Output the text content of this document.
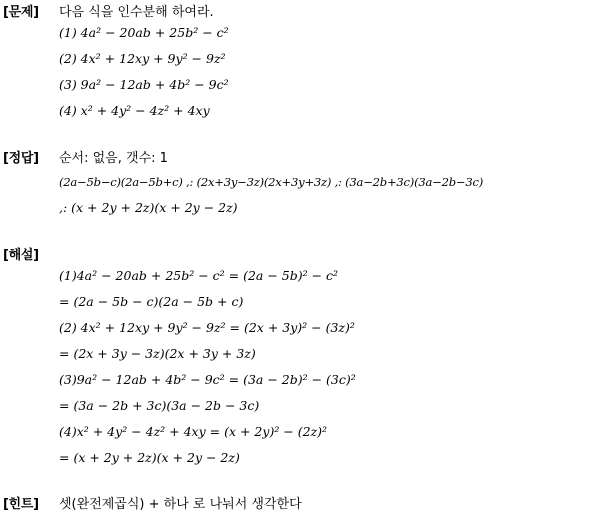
[문제] 다음 식을 인수분해 하여라.
(1) 4a² − 20ab + 25b² − c²
(2) 4x² + 12xy + 9y² − 9z²
(3) 9a² − 12ab + 4b² − 9c²
(4) x² + 4y² − 4z² + 4xy
[정답] 순서: 없음, 갯수: 1
(2a−5b−c)(2a−5b+c) ,: (2x+3y−3z)(2x+3y+3z) ,: (3a−2b+3c)(3a−2b−3c)
,: (x + 2y + 2z)(x + 2y − 2z)
[해설]
(1)4a² − 20ab + 25b² − c² = (2a − 5b)² − c²
= (2a − 5b − c)(2a − 5b + c)
(2) 4x² + 12xy + 9y² − 9z² = (2x + 3y)² − (3z)²
= (2x + 3y − 3z)(2x + 3y + 3z)
(3)9a² − 12ab + 4b² − 9c² = (3a − 2b)² − (3c)²
= (3a − 2b + 3c)(3a − 2b − 3c)
(4)x² + 4y² − 4z² + 4xy = (x + 2y)² − (2z)²
= (x + 2y + 2z)(x + 2y − 2z)
[힌트] 셋(완전제곱식) + 하나 로 나눠서 생각한다
